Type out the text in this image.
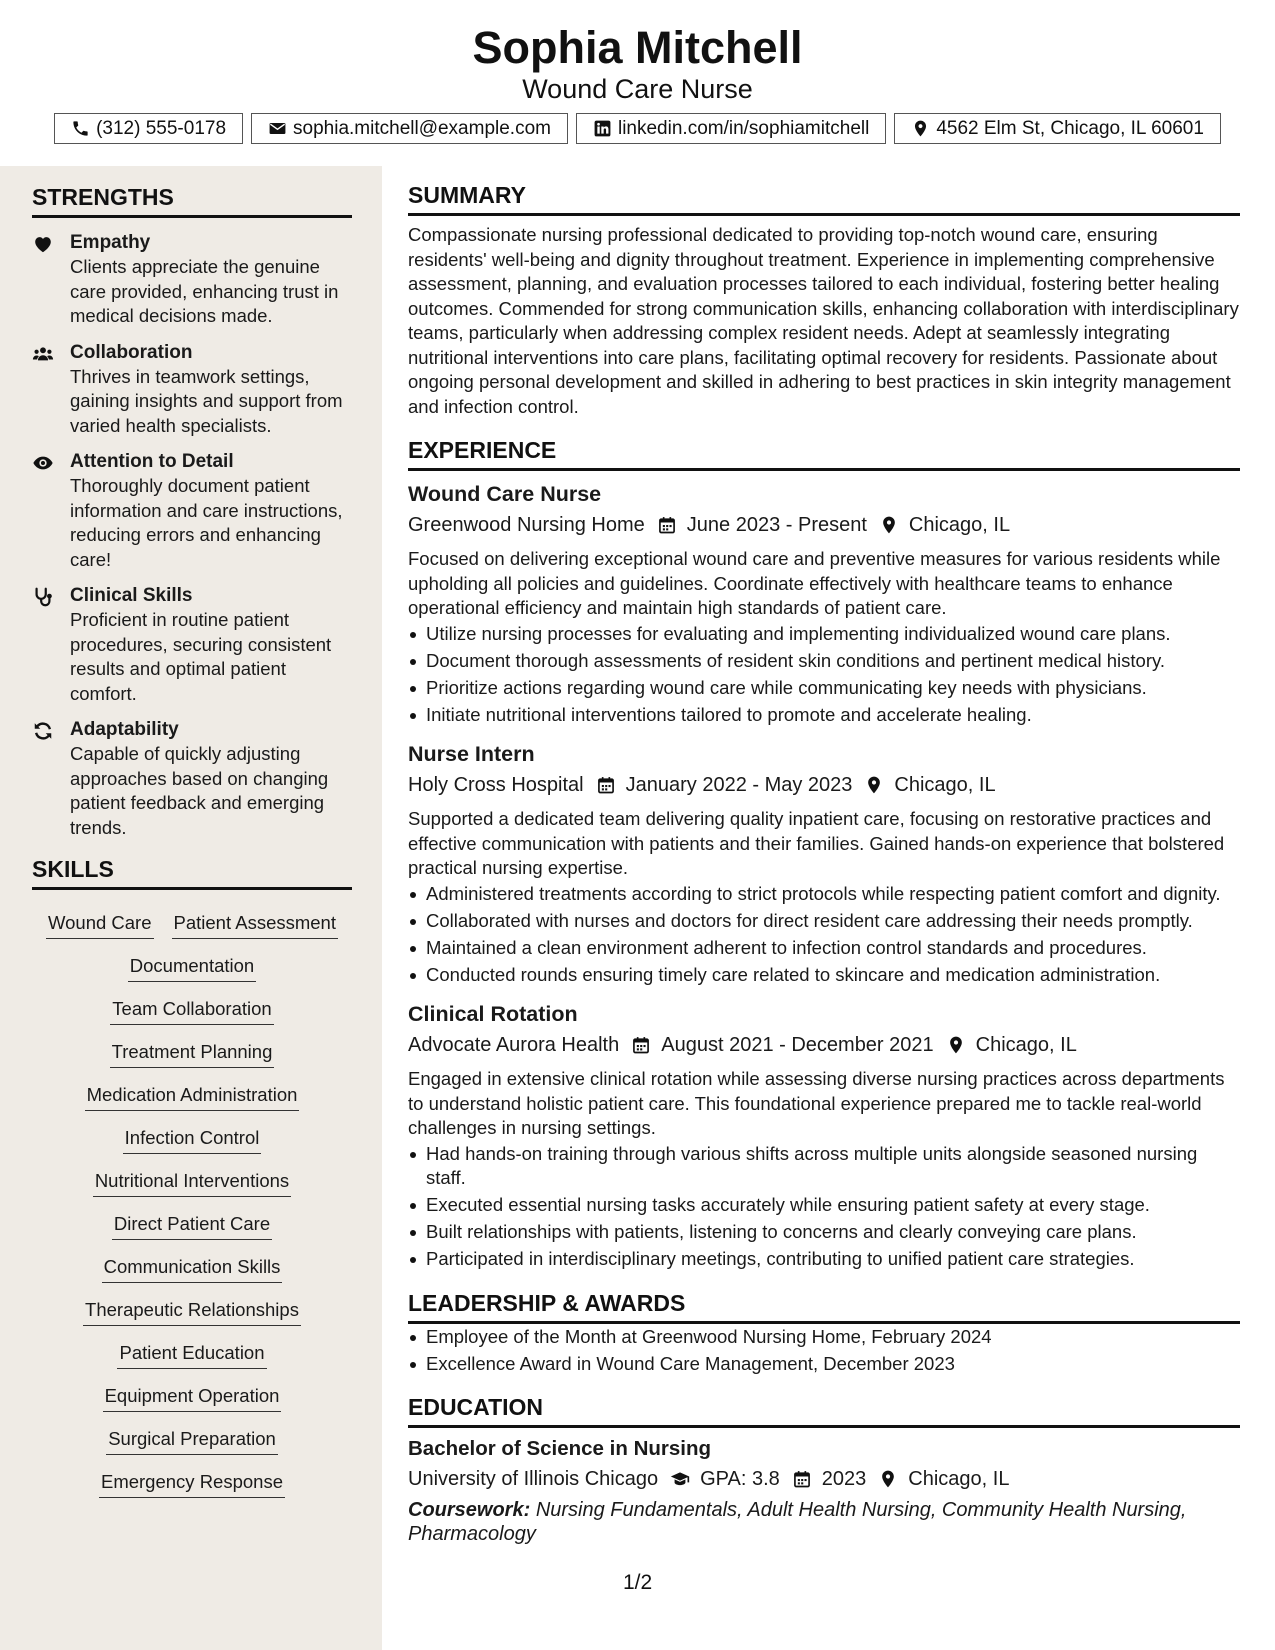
Sophia Mitchell
Wound Care Nurse
(312) 555-0178	sophia.mitchell@example.com	linkedin.com/in/sophiamitchell	4562 Elm St, Chicago, IL 60601
STRENGTHS
Empathy
Clients appreciate the genuine care provided, enhancing trust in medical decisions made.
Collaboration
Thrives in teamwork settings, gaining insights and support from varied health specialists.
Attention to Detail
Thoroughly document patient information and care instructions, reducing errors and enhancing care!
Clinical Skills
Proficient in routine patient procedures, securing consistent results and optimal patient comfort.
Adaptability
Capable of quickly adjusting approaches based on changing patient feedback and emerging trends.
SKILLS
Wound Care Patient Assessment
Documentation
Team Collaboration
Treatment Planning
Medication Administration
Infection Control
Nutritional Interventions
Direct Patient Care
Communication Skills
Therapeutic Relationships
Patient Education
Equipment Operation
Surgical Preparation
Emergency Response
SUMMARY
Compassionate nursing professional dedicated to providing top-notch wound care, ensuring residents' well-being and dignity throughout treatment. Experience in implementing comprehensive assessment, planning, and evaluation processes tailored to each individual, fostering better healing outcomes. Commended for strong communication skills, enhancing collaboration with interdisciplinary teams, particularly when addressing complex resident needs. Adept at seamlessly integrating nutritional interventions into care plans, facilitating optimal recovery for residents. Passionate about ongoing personal development and skilled in adhering to best practices in skin integrity management and infection control.
EXPERIENCE
Wound Care Nurse
Greenwood Nursing Home June 2023 - Present Chicago, IL
Focused on delivering exceptional wound care and preventive measures for various residents while upholding all policies and guidelines. Coordinate effectively with healthcare teams to enhance operational efficiency and maintain high standards of patient care.
Utilize nursing processes for evaluating and implementing individualized wound care plans.
Document thorough assessments of resident skin conditions and pertinent medical history.
Prioritize actions regarding wound care while communicating key needs with physicians.
Initiate nutritional interventions tailored to promote and accelerate healing.
Nurse Intern
Holy Cross Hospital January 2022 - May 2023 Chicago, IL
Supported a dedicated team delivering quality inpatient care, focusing on restorative practices and effective communication with patients and their families. Gained hands-on experience that bolstered practical nursing expertise.
Administered treatments according to strict protocols while respecting patient comfort and dignity.
Collaborated with nurses and doctors for direct resident care addressing their needs promptly.
Maintained a clean environment adherent to infection control standards and procedures.
Conducted rounds ensuring timely care related to skincare and medication administration.
Clinical Rotation
Advocate Aurora Health August 2021 - December 2021 Chicago, IL
Engaged in extensive clinical rotation while assessing diverse nursing practices across departments to understand holistic patient care. This foundational experience prepared me to tackle real-world challenges in nursing settings.
Had hands-on training through various shifts across multiple units alongside seasoned nursing staff.
Executed essential nursing tasks accurately while ensuring patient safety at every stage.
Built relationships with patients, listening to concerns and clearly conveying care plans.
Participated in interdisciplinary meetings, contributing to unified patient care strategies.
LEADERSHIP & AWARDS
Employee of the Month at Greenwood Nursing Home, February 2024
Excellence Award in Wound Care Management, December 2023
EDUCATION
Bachelor of Science in Nursing
University of Illinois Chicago GPA: 3.8 2023 Chicago, IL
Coursework: Nursing Fundamentals, Adult Health Nursing, Community Health Nursing, Pharmacology
1/2
